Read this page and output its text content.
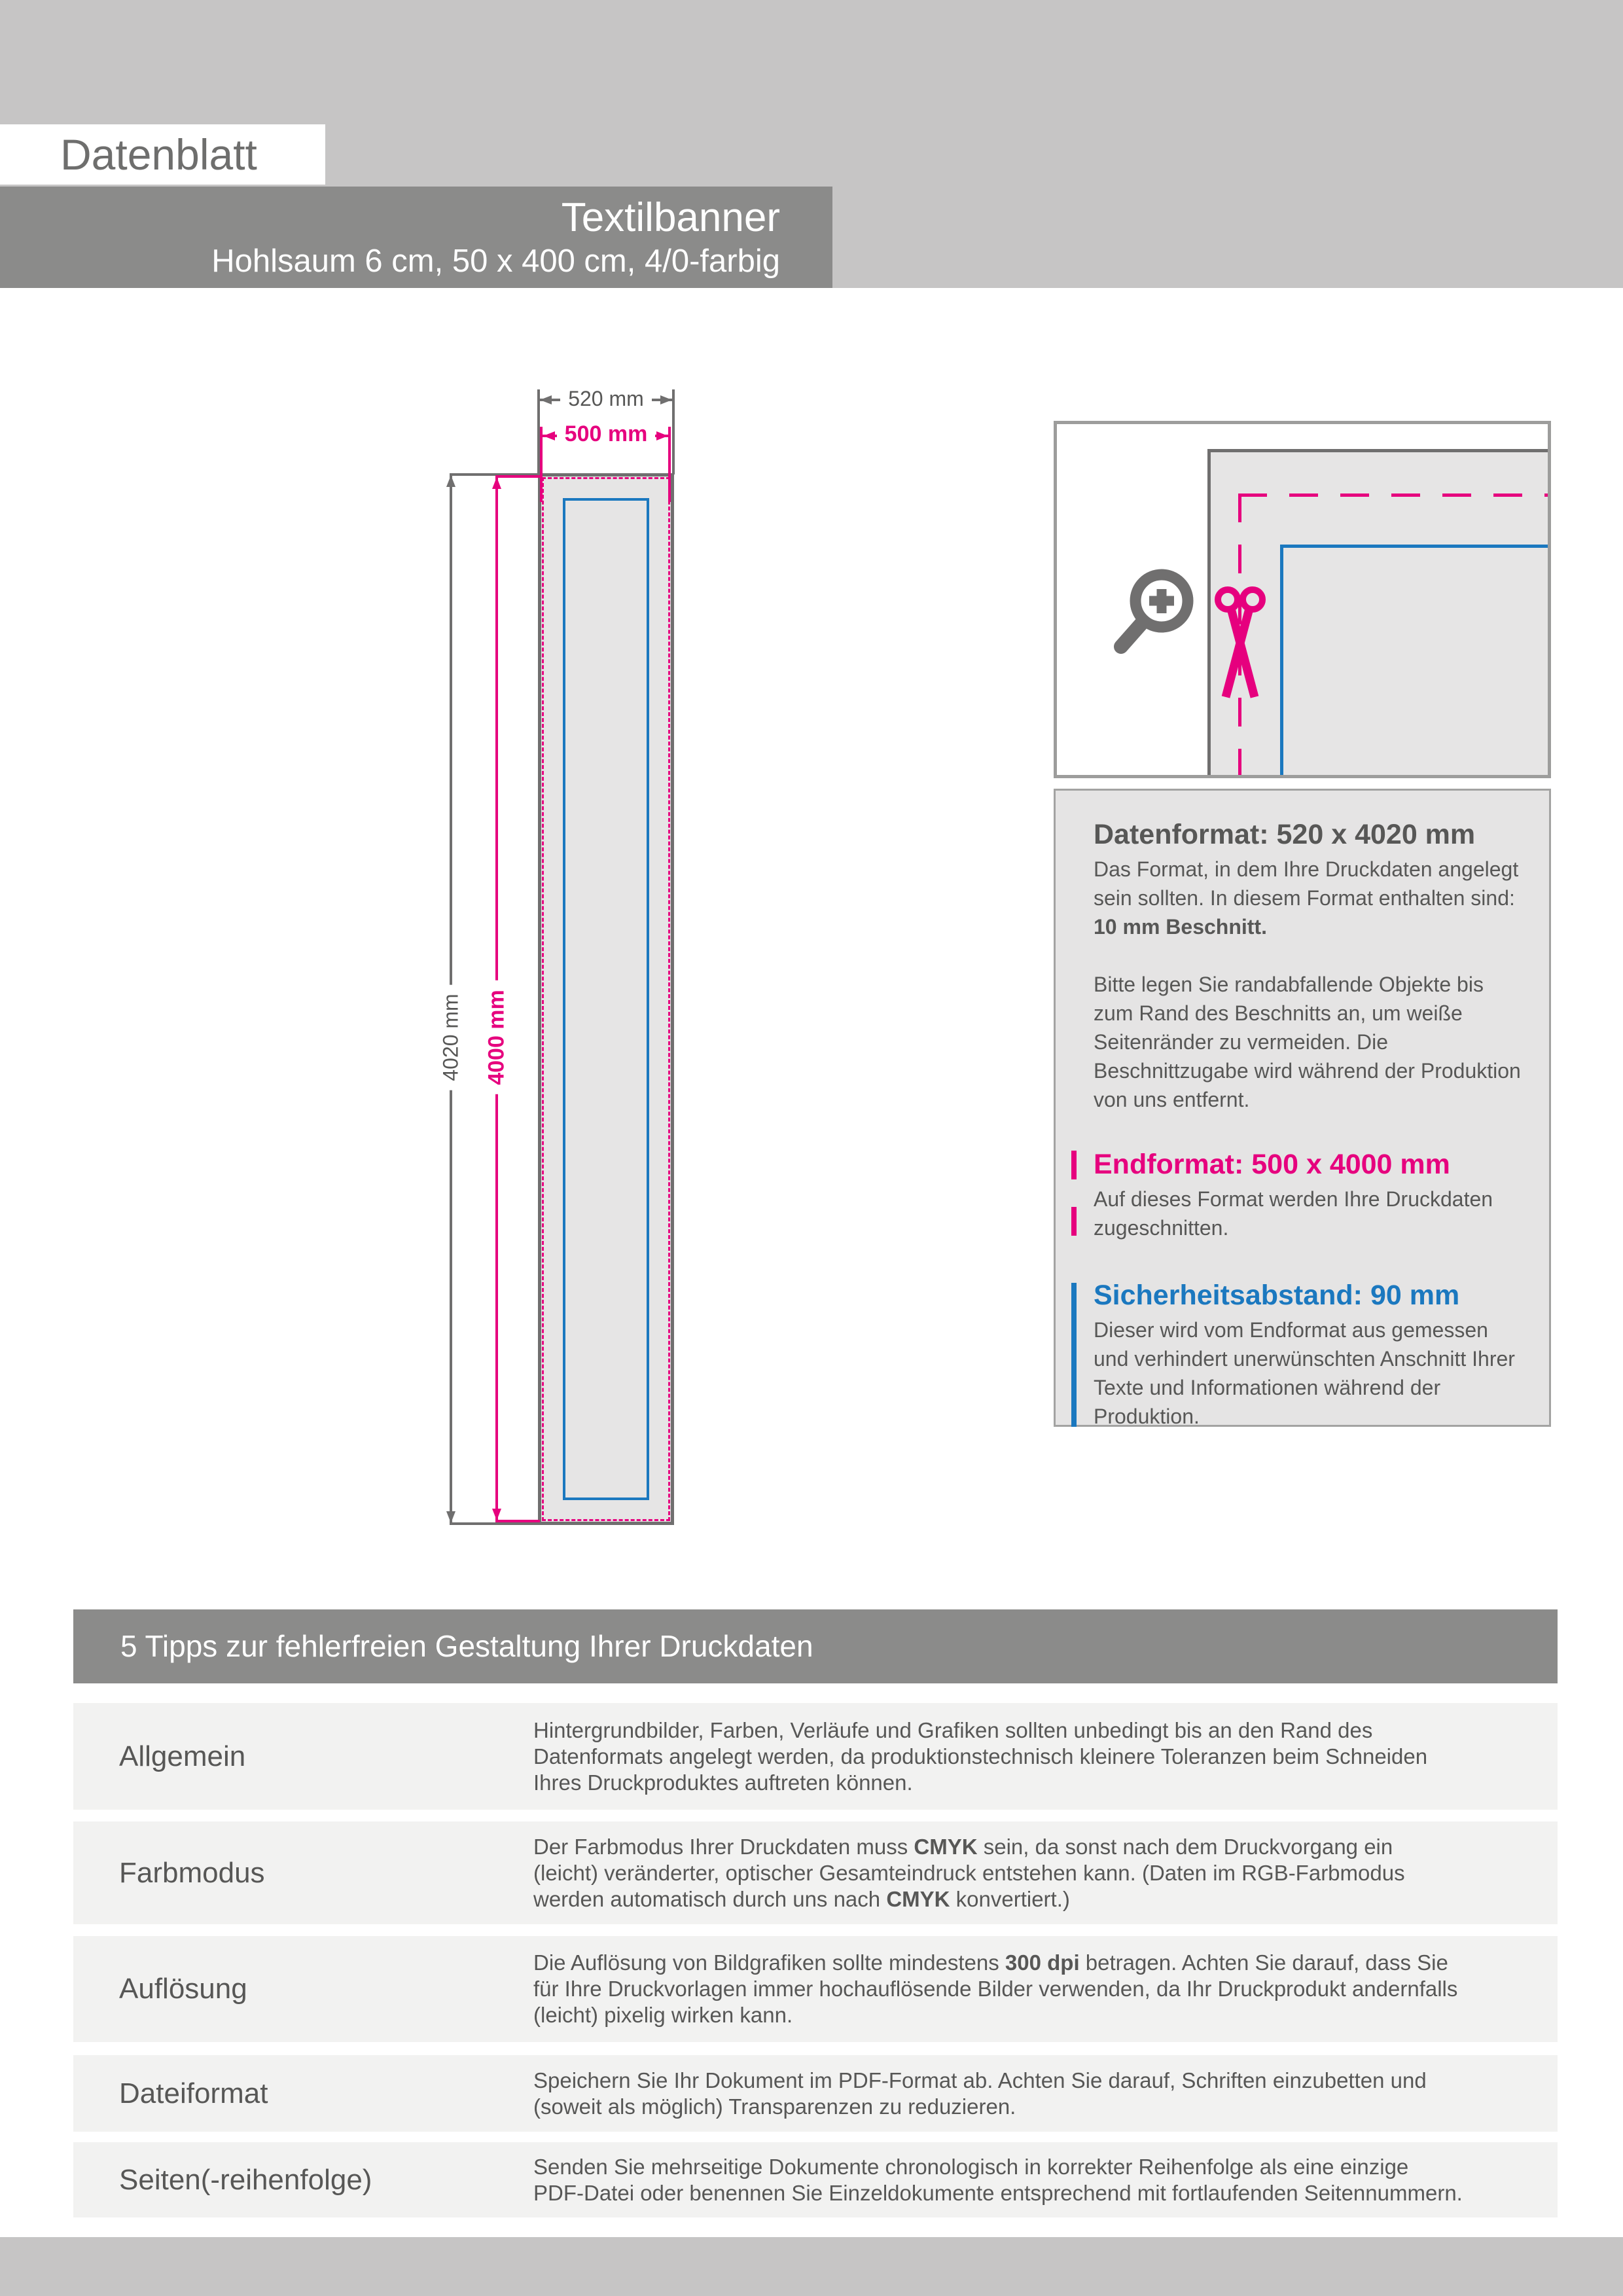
Datenblatt
Textilbanner
Hohlsaum 6 cm, 50 x 400 cm, 4/0-farbig
520 mm
500 mm
4020 mm 4000 mm
Datenformat: 520 x 4020 mm

Das Format, in dem Ihre Druckdaten angelegt sein sollten. In diesem Format enthalten sind: 10 mm Beschnitt.

Bitte legen Sie randabfallende Objekte bis zum Rand des Beschnitts an, um weiße Seitenränder zu vermeiden. Die Beschnittzugabe wird während der Produktion von uns entfernt.

Endformat: 500 x 4000 mm

Auf dieses Format werden Ihre Druckdaten zugeschnitten.

Sicherheitsabstand: 90 mm

Dieser wird vom Endformat aus gemessen und verhindert unerwünschten Anschnitt Ihrer Texte und Informationen während der Produktion.

5 Tipps zur fehlerfreien Gestaltung Ihrer Druckdaten
Allgemein
Hintergrundbilder, Farben, Verläufe und Grafiken sollten unbedingt bis an den Rand des Datenformats angelegt werden, da produktionstechnisch kleinere Toleranzen beim Schneiden Ihres Druckproduktes auftreten können.
Farbmodus
Der Farbmodus Ihrer Druckdaten muss CMYK sein, da sonst nach dem Druckvorgang ein (leicht) veränderter, optischer Gesamteindruck entstehen kann. (Daten im RGB-Farbmodus werden automatisch durch uns nach CMYK konvertiert.)
Auflösung
Die Auflösung von Bildgrafiken sollte mindestens 300 dpi betragen. Achten Sie darauf, dass Sie für Ihre Druckvorlagen immer hochauflösende Bilder verwenden, da Ihr Druckprodukt andernfalls (leicht) pixelig wirken kann.
Dateiformat	Speichern Sie Ihr Dokument im PDF-Format ab. Achten Sie darauf, Schriften einzubetten und (soweit als möglich) Transparenzen zu reduzieren.
Seiten(-reihenfolge)	Senden Sie mehrseitige Dokumente chronologisch in korrekter Reihenfolge als eine einzige PDF-Datei oder benennen Sie Einzeldokumente entsprechend mit fortlaufenden Seitennummern.
